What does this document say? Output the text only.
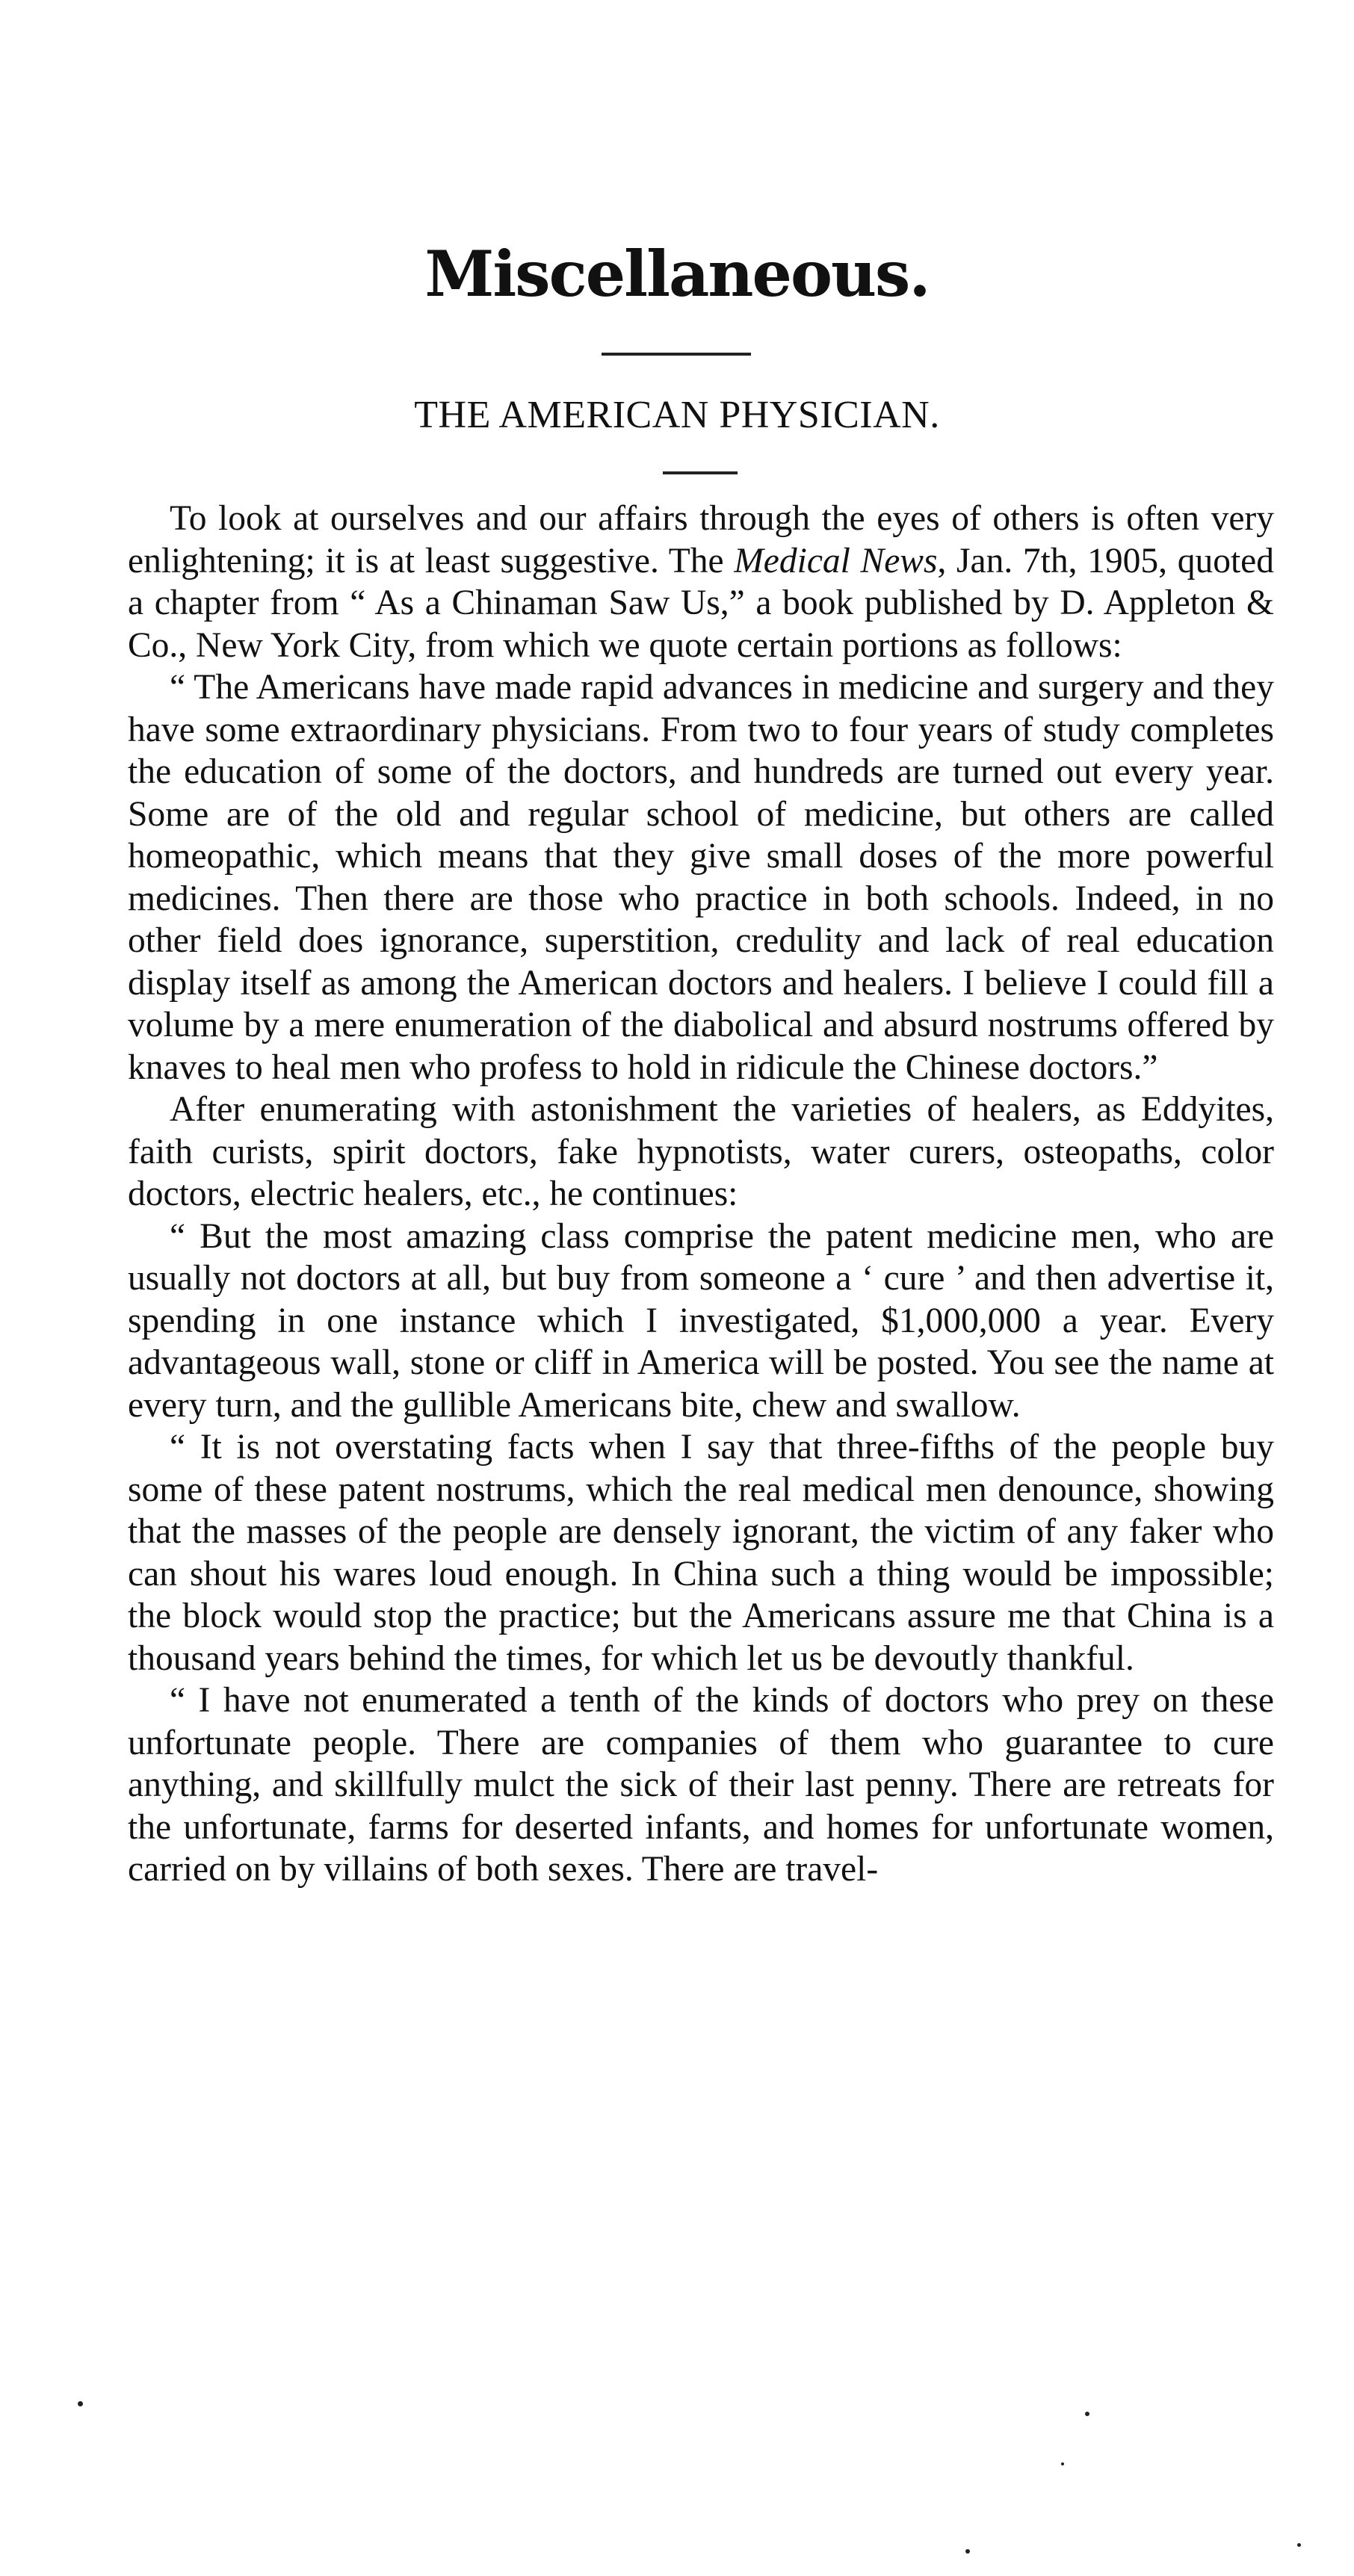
Miscellaneous.
THE AMERICAN PHYSICIAN.

To look at ourselves and our affairs through the eyes of others is often very enlightening; it is at least suggestive. The Medical News, Jan. 7th, 1905, quoted a chapter from “ As a Chinaman Saw Us,” a book published by D. Appleton & Co., New York City, from which we quote certain portions as follows:

“ The Americans have made rapid advances in medicine and surgery and they have some extraordinary physicians. From two to four years of study completes the education of some of the doctors, and hundreds are turned out every year. Some are of the old and regular school of medicine, but others are called homeopathic, which means that they give small doses of the more powerful medicines. Then there are those who practice in both schools. Indeed, in no other field does ignorance, superstition, credulity and lack of real education display itself as among the American doctors and healers. I believe I could fill a volume by a mere enumeration of the diabolical and absurd nostrums offered by knaves to heal men who profess to hold in ridicule the Chinese doctors.”

After enumerating with astonishment the varieties of healers, as Eddyites, faith curists, spirit doctors, fake hypnotists, water curers, osteopaths, color doctors, electric healers, etc., he continues:

“ But the most amazing class comprise the patent medicine men, who are usually not doctors at all, but buy from someone a ‘ cure ’ and then advertise it, spending in one instance which I investigated, $1,000,000 a year. Every advantageous wall, stone or cliff in America will be posted. You see the name at every turn, and the gullible Americans bite, chew and swallow.

“ It is not overstating facts when I say that three-fifths of the people buy some of these patent nostrums, which the real medical men denounce, showing that the masses of the people are densely ignorant, the victim of any faker who can shout his wares loud enough. In China such a thing would be impossible; the block would stop the practice; but the Americans assure me that China is a thousand years behind the times, for which let us be devoutly thankful.

“ I have not enumerated a tenth of the kinds of doctors who prey on these unfortunate people. There are companies of them who guarantee to cure anything, and skillfully mulct the sick of their last penny. There are retreats for the unfortunate, farms for deserted infants, and homes for unfortunate women, carried on by villains of both sexes. There are travel-
